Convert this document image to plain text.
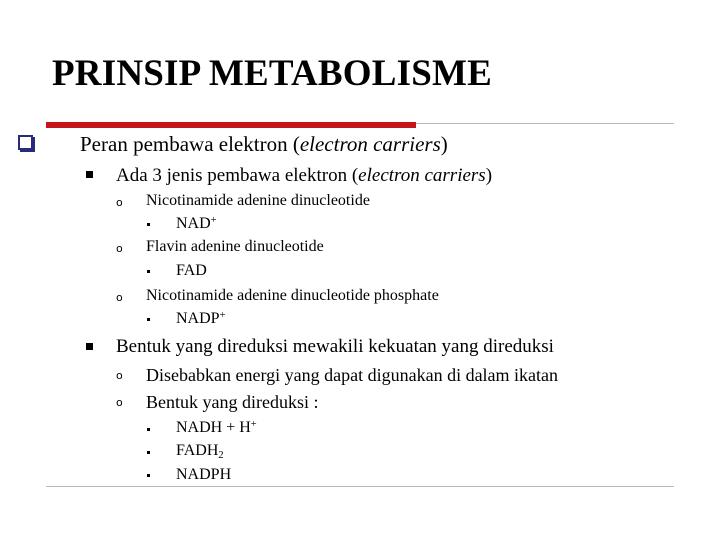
PRINSIP METABOLISME
Peran pembawa elektron (electron carriers)
Ada 3 jenis pembawa elektron (electron carriers)
o Nicotinamide adenine dinucleotide
NAD+
o Flavin adenine dinucleotide
FAD
o Nicotinamide adenine dinucleotide phosphate
NADP+
Bentuk yang direduksi mewakili kekuatan yang direduksi
o Disebabkan energi yang dapat digunakan di dalam ikatan
o Bentuk yang direduksi :
NADH + H+
$FADH_2$
NADPH
